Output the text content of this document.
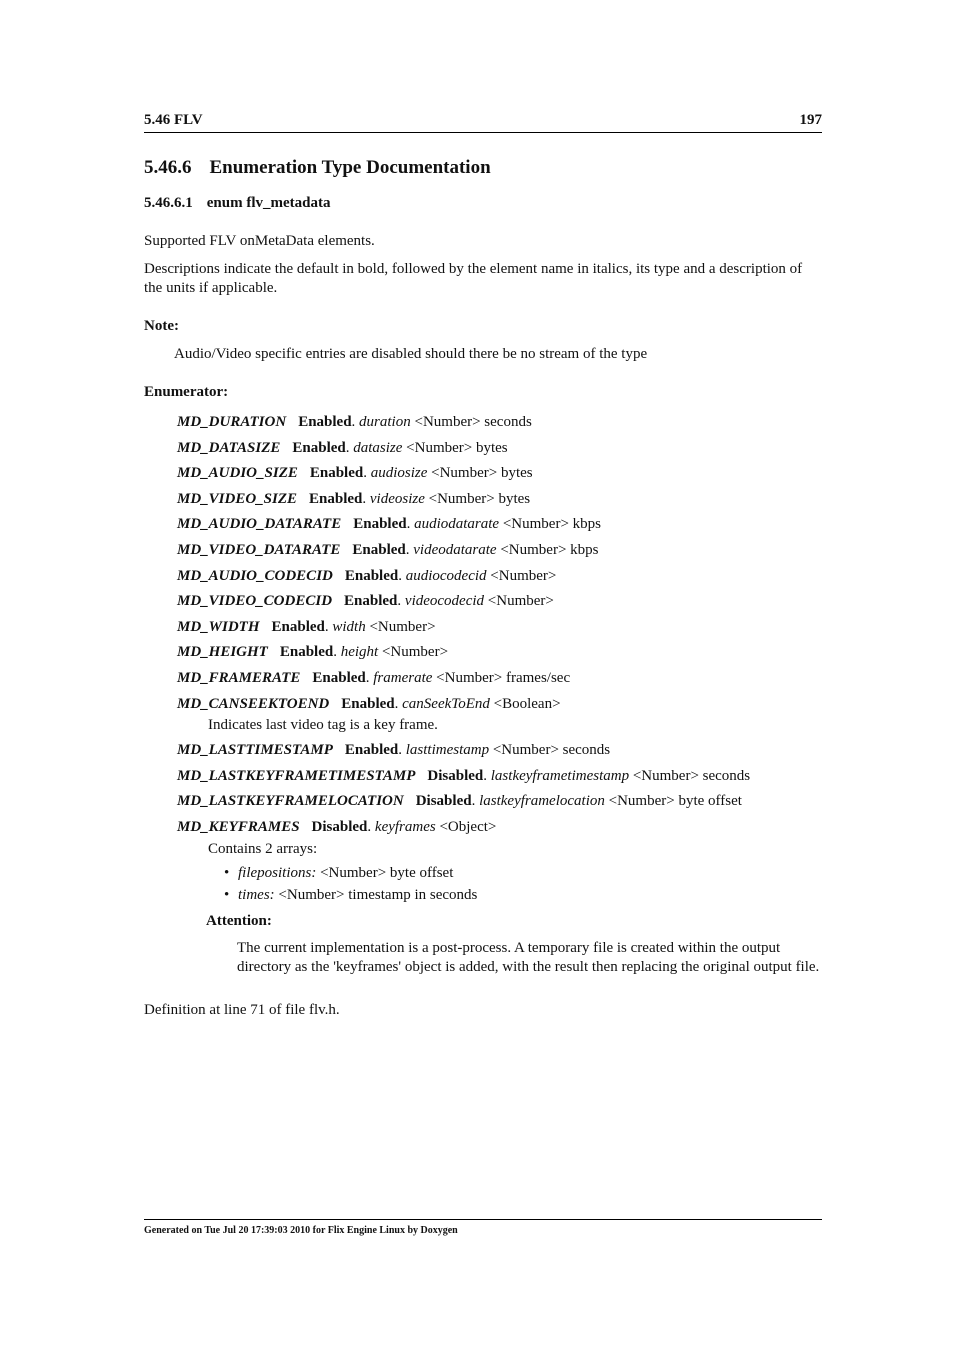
5.46 FLV	197
5.46.6 Enumeration Type Documentation
5.46.6.1 enum flv_metadata

Supported FLV onMetaData elements.

Descriptions indicate the default in bold, followed by the element name in italics, its type and a description of the units if applicable.

Note:

Audio/Video specific entries are disabled should there be no stream of the type

Enumerator:
MD_DURATION Enabled. duration <Number> seconds
MD_DATASIZE Enabled. datasize <Number> bytes
MD_AUDIO_SIZE Enabled. audiosize <Number> bytes
MD_VIDEO_SIZE Enabled. videosize <Number> bytes
MD_AUDIO_DATARATE Enabled. audiodatarate <Number> kbps
MD_VIDEO_DATARATE Enabled. videodatarate <Number> kbps
MD_AUDIO_CODECID Enabled. audiocodecid <Number>
MD_VIDEO_CODECID Enabled. videocodecid <Number>
MD_WIDTH Enabled. width <Number>
MD_HEIGHT Enabled. height <Number>
MD_FRAMERATE Enabled. framerate <Number> frames/sec
MD_CANSEEKTOEND Enabled. canSeekToEnd <Boolean>
Indicates last video tag is a key frame.
MD_LASTTIMESTAMP Enabled. lasttimestamp <Number> seconds
MD_LASTKEYFRAMETIMESTAMP Disabled. lastkeyframetimestamp <Number> seconds
MD_LASTKEYFRAMELOCATION Disabled. lastkeyframelocation <Number> byte offset
MD_KEYFRAMES Disabled. keyframes <Object>
Contains 2 arrays:
• filepositions: <Number> byte offset
• times: <Number> timestamp in seconds
Attention:

The current implementation is a post-process. A temporary file is created within the output directory as the 'keyframes' object is added, with the result then replacing the original output file.

Definition at line 71 of file flv.h.

Generated on Tue Jul 20 17:39:03 2010 for Flix Engine Linux by Doxygen
